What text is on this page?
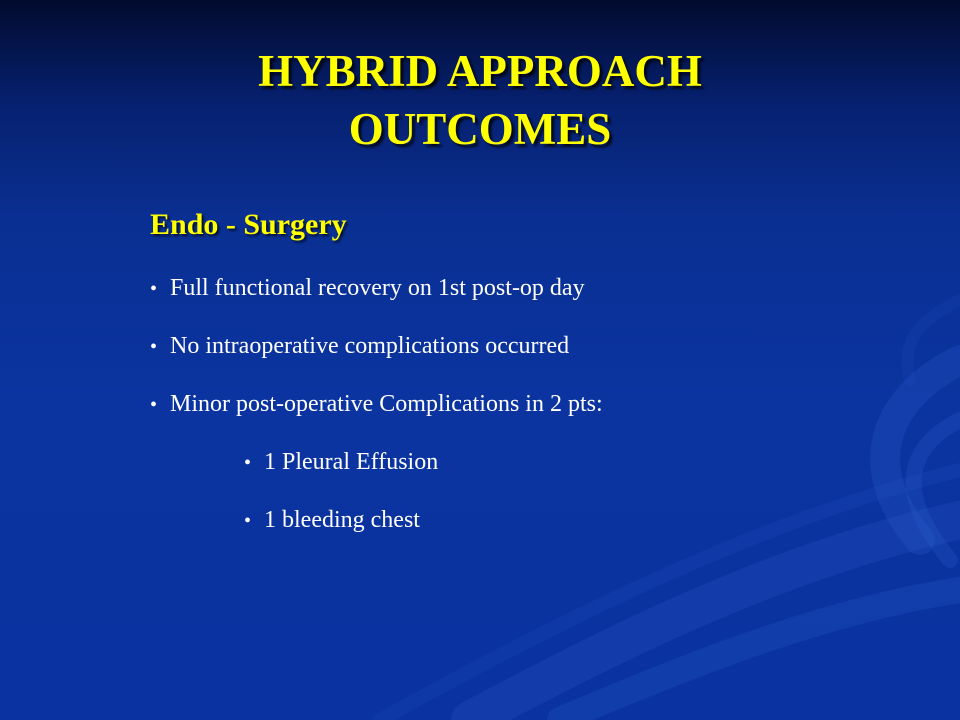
HYBRID APPROACH
OUTCOMES
Endo - Surgery
• Full functional recovery on 1st post-op day
• No intraoperative complications occurred
• Minor post-operative Complications in 2 pts:
• 1 Pleural Effusion
• 1 bleeding chest
